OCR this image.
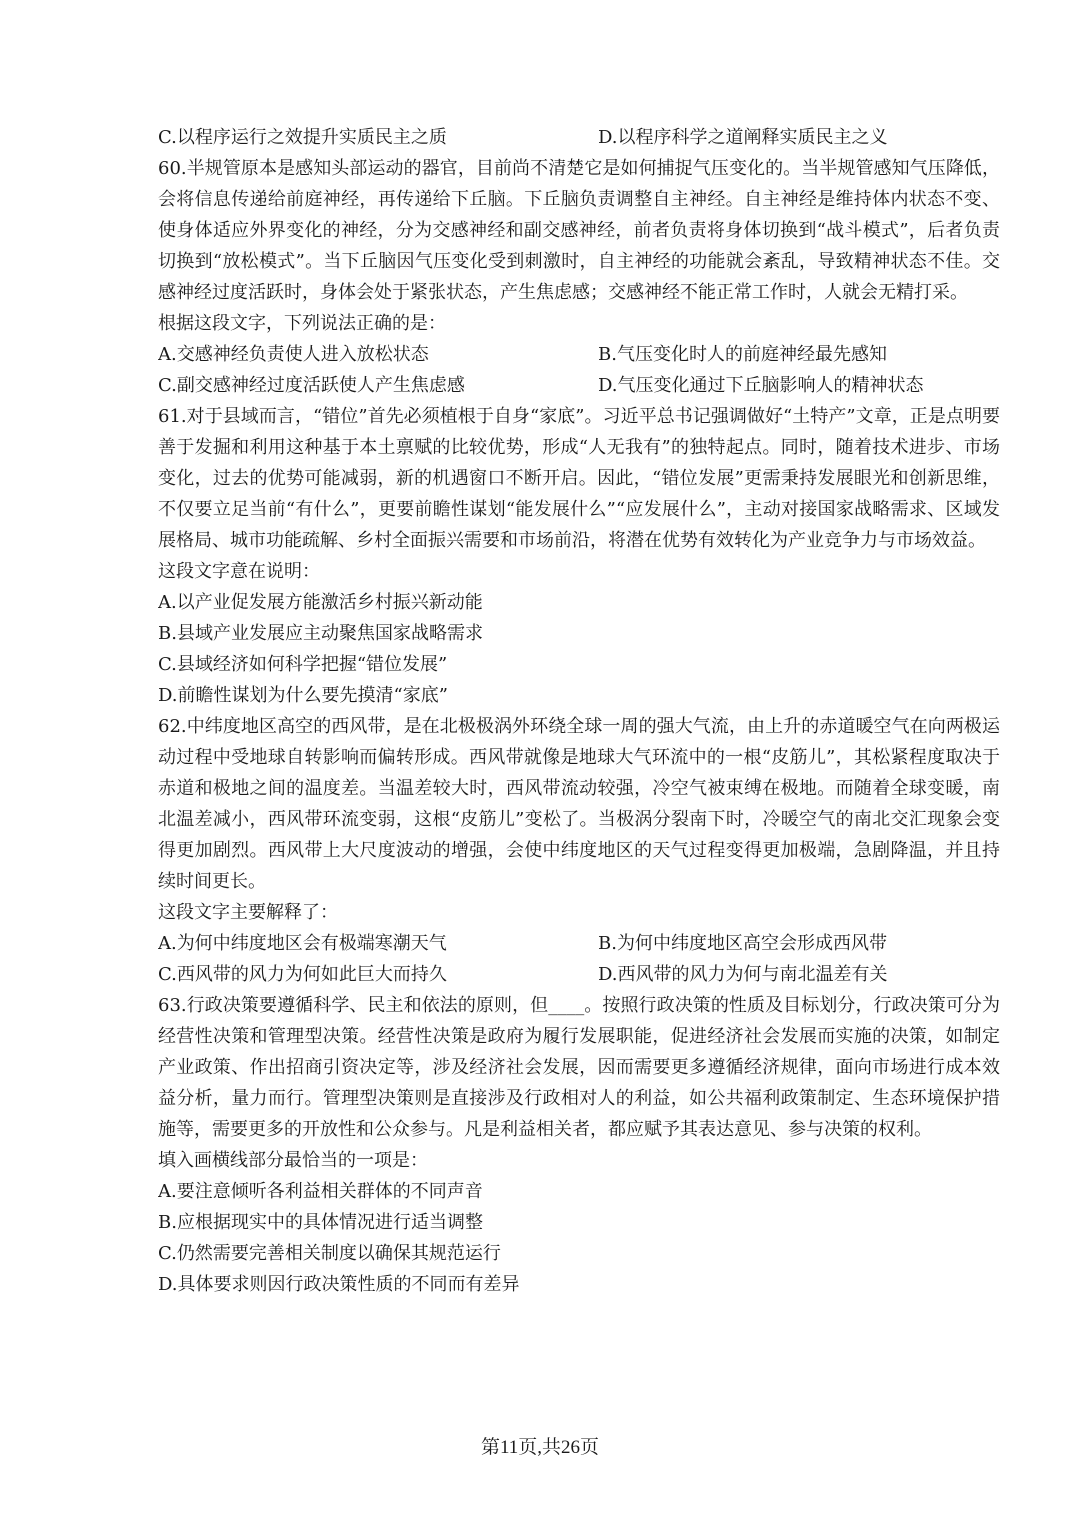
C.以程序运行之效提升实质民主之质	D.以程序科学之道阐释实质民主之义
60.半规管原本是感知头部运动的器官，目前尚不清楚它是如何捕捉气压变化的。当半规管感知气压降低，会将信息传递给前庭神经，再传递给下丘脑。下丘脑负责调整自主神经。自主神经是维持体内状态不变、使身体适应外界变化的神经，分为交感神经和副交感神经，前者负责将身体切换到“战斗模式”，后者负责切换到“放松模式”。当下丘脑因气压变化受到刺激时，自主神经的功能就会紊乱，导致精神状态不佳。交感神经过度活跃时，身体会处于紧张状态，产生焦虑感；交感神经不能正常工作时，人就会无精打采。
根据这段文字，下列说法正确的是：
A.交感神经负责使人进入放松状态	B.气压变化时人的前庭神经最先感知
C.副交感神经过度活跃使人产生焦虑感	D.气压变化通过下丘脑影响人的精神状态
61.对于县域而言，“错位”首先必须植根于自身“家底”。习近平总书记强调做好“土特产”文章，正是点明要善于发掘和利用这种基于本土禀赋的比较优势，形成“人无我有”的独特起点。同时，随着技术进步、市场变化，过去的优势可能减弱，新的机遇窗口不断开启。因此，“错位发展”更需秉持发展眼光和创新思维，不仅要立足当前“有什么”，更要前瞻性谋划“能发展什么”“应发展什么”，主动对接国家战略需求、区域发展格局、城市功能疏解、乡村全面振兴需要和市场前沿，将潜在优势有效转化为产业竞争力与市场效益。
这段文字意在说明：
A.以产业促发展方能激活乡村振兴新动能
B.县域产业发展应主动聚焦国家战略需求
C.县域经济如何科学把握“错位发展”
D.前瞻性谋划为什么要先摸清“家底”
62.中纬度地区高空的西风带，是在北极极涡外环绕全球一周的强大气流，由上升的赤道暖空气在向两极运动过程中受地球自转影响而偏转形成。西风带就像是地球大气环流中的一根“皮筋儿”，其松紧程度取决于赤道和极地之间的温度差。当温差较大时，西风带流动较强，冷空气被束缚在极地。而随着全球变暖，南北温差减小，西风带环流变弱，这根“皮筋儿”变松了。当极涡分裂南下时，冷暖空气的南北交汇现象会变得更加剧烈。西风带上大尺度波动的增强，会使中纬度地区的天气过程变得更加极端，急剧降温，并且持续时间更长。
这段文字主要解释了：
A.为何中纬度地区会有极端寒潮天气	B.为何中纬度地区高空会形成西风带
C.西风带的风力为何如此巨大而持久	D.西风带的风力为何与南北温差有关
63.行政决策要遵循科学、民主和依法的原则，但____。按照行政决策的性质及目标划分，行政决策可分为经营性决策和管理型决策。经营性决策是政府为履行发展职能，促进经济社会发展而实施的决策，如制定产业政策、作出招商引资决定等，涉及经济社会发展，因而需要更多遵循经济规律，面向市场进行成本效益分析，量力而行。管理型决策则是直接涉及行政相对人的利益，如公共福利政策制定、生态环境保护措施等，需要更多的开放性和公众参与。凡是利益相关者，都应赋予其表达意见、参与决策的权利。
填入画横线部分最恰当的一项是：
A.要注意倾听各利益相关群体的不同声音
B.应根据现实中的具体情况进行适当调整
C.仍然需要完善相关制度以确保其规范运行
D.具体要求则因行政决策性质的不同而有差异
第11页,共26页
